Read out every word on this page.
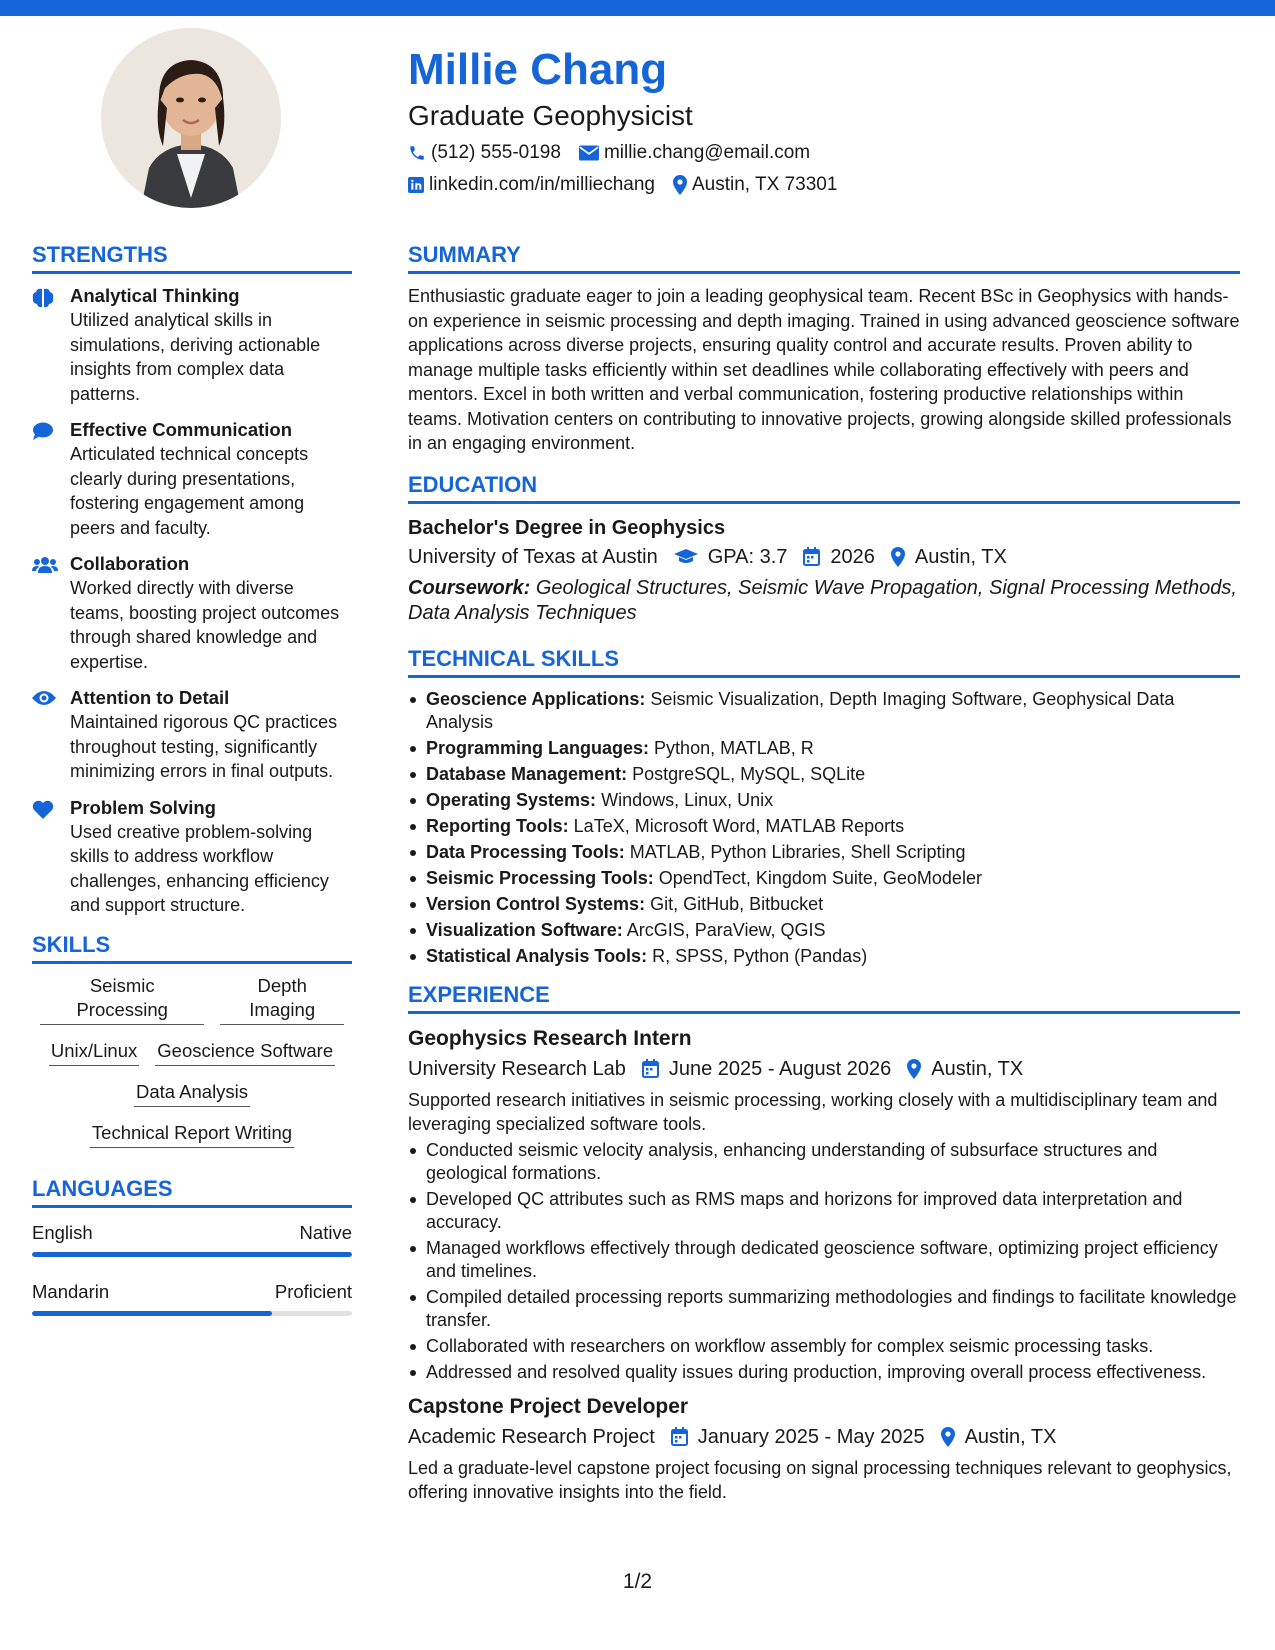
Millie Chang
Graduate Geophysicist
(512) 555-0198 millie.chang@email.com
linkedin.com/in/milliechang Austin, TX 73301
STRENGTHS
Analytical Thinking
Utilized analytical skills in simulations, deriving actionable insights from complex data patterns.
Effective Communication
Articulated technical concepts clearly during presentations, fostering engagement among peers and faculty.
Collaboration
Worked directly with diverse teams, boosting project outcomes through shared knowledge and expertise.
Attention to Detail
Maintained rigorous QC practices throughout testing, significantly minimizing errors in final outputs.
Problem Solving
Used creative problem-solving skills to address workflow challenges, enhancing efficiency and support structure.
SKILLS
Seismic Processing
Depth Imaging
Unix/Linux Geoscience Software
Data Analysis
Technical Report Writing
LANGUAGES
English	Native
Mandarin	Proficient
SUMMARY
Enthusiastic graduate eager to join a leading geophysical team. Recent BSc in Geophysics with hands-on experience in seismic processing and depth imaging. Trained in using advanced geoscience software applications across diverse projects, ensuring quality control and accurate results. Proven ability to manage multiple tasks efficiently within set deadlines while collaborating effectively with peers and mentors. Excel in both written and verbal communication, fostering productive relationships within teams. Motivation centers on contributing to innovative projects, growing alongside skilled professionals in an engaging environment.
EDUCATION
Bachelor's Degree in Geophysics
University of Texas at Austin	GPA: 3.7 2026 Austin, TX
Coursework: Geological Structures, Seismic Wave Propagation, Signal Processing Methods, Data Analysis Techniques
TECHNICAL SKILLS
Geoscience Applications: Seismic Visualization, Depth Imaging Software, Geophysical Data Analysis
Programming Languages: Python, MATLAB, R
Database Management: PostgreSQL, MySQL, SQLite
Operating Systems: Windows, Linux, Unix
Reporting Tools: LaTeX, Microsoft Word, MATLAB Reports
Data Processing Tools: MATLAB, Python Libraries, Shell Scripting
Seismic Processing Tools: OpendTect, Kingdom Suite, GeoModeler
Version Control Systems: Git, GitHub, Bitbucket
Visualization Software: ArcGIS, ParaView, QGIS
Statistical Analysis Tools: R, SPSS, Python (Pandas)
EXPERIENCE
Geophysics Research Intern
University Research Lab June 2025 - August 2026 Austin, TX
Supported research initiatives in seismic processing, working closely with a multidisciplinary team and leveraging specialized software tools.
Conducted seismic velocity analysis, enhancing understanding of subsurface structures and geological formations.
Developed QC attributes such as RMS maps and horizons for improved data interpretation and accuracy.
Managed workflows effectively through dedicated geoscience software, optimizing project efficiency and timelines.
Compiled detailed processing reports summarizing methodologies and findings to facilitate knowledge transfer.
Collaborated with researchers on workflow assembly for complex seismic processing tasks.
Addressed and resolved quality issues during production, improving overall process effectiveness.
Capstone Project Developer
Academic Research Project January 2025 - May 2025 Austin, TX
Led a graduate-level capstone project focusing on signal processing techniques relevant to geophysics, offering innovative insights into the field.
1/2
